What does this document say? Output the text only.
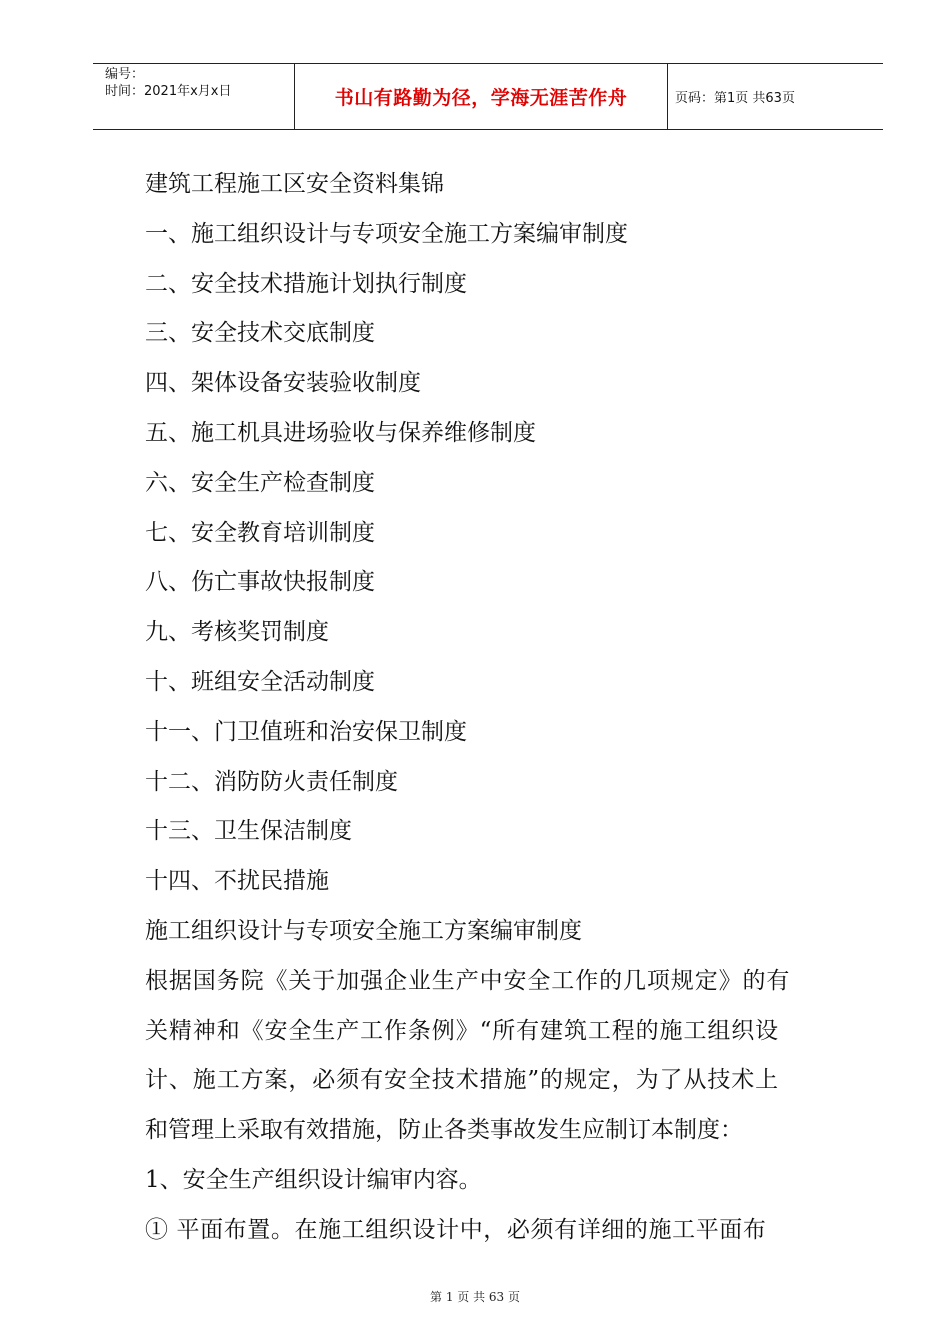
编号：
时间：2021年x月x日	书山有路勤为径，学海无涯苦作舟	页码：第1页 共63页
建筑工程施工区安全资料集锦
一、施工组织设计与专项安全施工方案编审制度
二、安全技术措施计划执行制度
三、安全技术交底制度
四、架体设备安装验收制度
五、施工机具进场验收与保养维修制度
六、安全生产检查制度
七、安全教育培训制度
八、伤亡事故快报制度
九、考核奖罚制度
十、班组安全活动制度
十一、门卫值班和治安保卫制度
十二、消防防火责任制度
十三、卫生保洁制度
十四、不扰民措施
施工组织设计与专项安全施工方案编审制度
根据国务院《关于加强企业生产中安全工作的几项规定》的有
关精神和《安全生产工作条例》“所有建筑工程的施工组织设
计、施工方案，必须有安全技术措施”的规定，为了从技术上
和管理上采取有效措施，防止各类事故发生应制订本制度：
1、安全生产组织设计编审内容。
① 平面布置。在施工组织设计中，必须有详细的施工平面布
第 1 页 共 63 页
